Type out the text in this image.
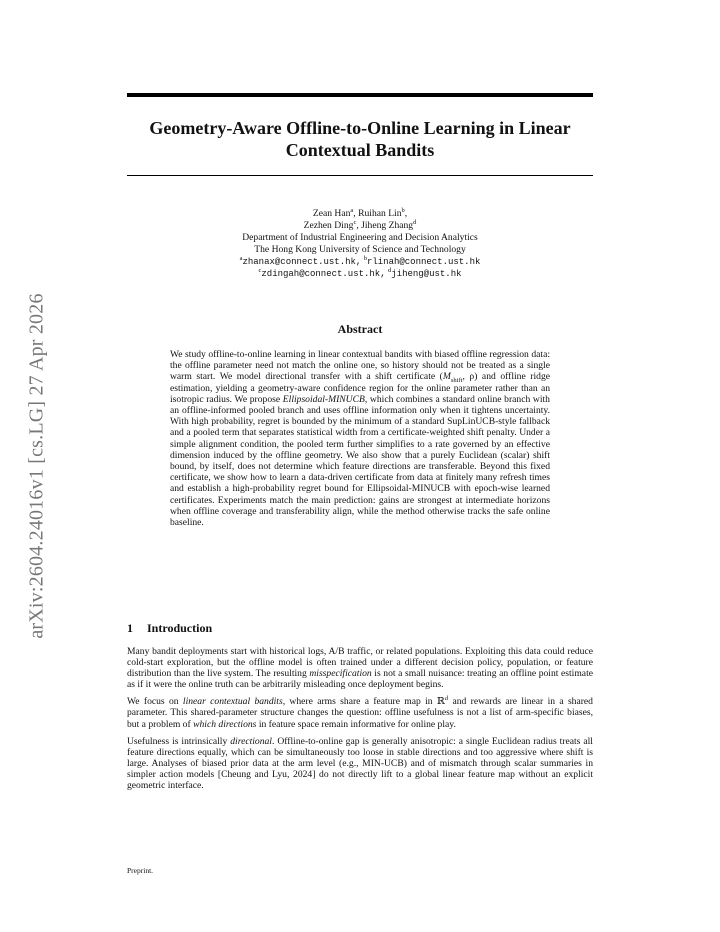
Geometry-Aware Offline-to-Online Learning in Linear Contextual Bandits
arXiv:2604.24016v1 [cs.LG] 27 Apr 2026
Zean Han$^a$, Ruihan Lin$^b$,
Zezhen Ding$^c$, Jiheng Zhang$^d$
Department of Industrial Engineering and Decision Analytics
The Hong Kong University of Science and Technology
$^a$zhanax@connect.ust.hk, $^b$rlinah@connect.ust.hk
$^c$zdingah@connect.ust.hk, $^d$jiheng@ust.hk
Abstract
We study offline-to-online learning in linear contextual bandits with biased offline regression data: the offline parameter need not match the online one, so history should not be treated as a single warm start. We model directional transfer with a shift certificate ($M_{shift}$, ρ) and offline ridge estimation, yielding a geometry-aware confidence region for the online parameter rather than an isotropic radius. We propose Ellipsoidal-MINUCB, which combines a standard online branch with an offline-informed pooled branch and uses offline information only when it tightens uncertainty. With high probability, regret is bounded by the minimum of a standard SupLinUCB-style fallback and a pooled term that separates statistical width from a certificate-weighted shift penalty. Under a simple alignment condition, the pooled term further simplifies to a rate governed by an effective dimension induced by the offline geometry. We also show that a purely Euclidean (scalar) shift bound, by itself, does not determine which feature directions are transferable. Beyond this fixed certificate, we show how to learn a data-driven certificate from data at finitely many refresh times and establish a high-probability regret bound for Ellipsoidal-MINUCB with epoch-wise learned certificates. Experiments match the main prediction: gains are strongest at intermediate horizons when offline coverage and transferability align, while the method otherwise tracks the safe online baseline.
1 Introduction

Many bandit deployments start with historical logs, A/B traffic, or related populations. Exploiting this data could reduce cold-start exploration, but the offline model is often trained under a different decision policy, population, or feature distribution than the live system. The resulting misspecification is not a small nuisance: treating an offline point estimate as if it were the online truth can be arbitrarily misleading once deployment begins.

We focus on linear contextual bandits, where arms share a feature map in ℝ$^d$ and rewards are linear in a shared parameter. This shared-parameter structure changes the question: offline usefulness is not a list of arm-specific biases, but a problem of which directions in feature space remain informative for online play.

Usefulness is intrinsically directional. Offline-to-online gap is generally anisotropic: a single Euclidean radius treats all feature directions equally, which can be simultaneously too loose in stable directions and too aggressive where shift is large. Analyses of biased prior data at the arm level (e.g., MIN-UCB) and of mismatch through scalar summaries in simpler action models [Cheung and Lyu, 2024] do not directly lift to a global linear feature map without an explicit geometric interface.

Preprint.
